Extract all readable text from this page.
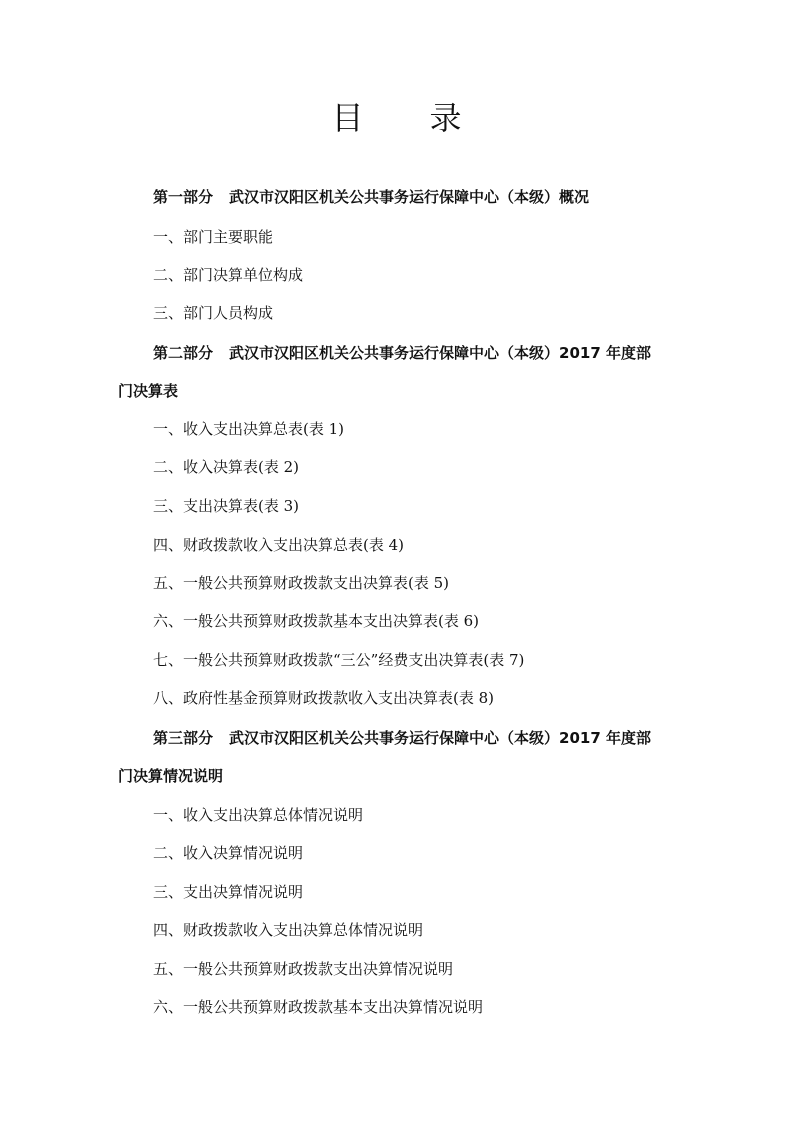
目录
第一部分 武汉市汉阳区机关公共事务运行保障中心（本级）概况
一、部门主要职能
二、部门决算单位构成
三、部门人员构成
第二部分 武汉市汉阳区机关公共事务运行保障中心（本级）2017 年度部
门决算表
一、收入支出决算总表(表 1)
二、收入决算表(表 2)
三、支出决算表(表 3)
四、财政拨款收入支出决算总表(表 4)
五、一般公共预算财政拨款支出决算表(表 5)
六、一般公共预算财政拨款基本支出决算表(表 6)
七、一般公共预算财政拨款“三公”经费支出决算表(表 7)
八、政府性基金预算财政拨款收入支出决算表(表 8)
第三部分 武汉市汉阳区机关公共事务运行保障中心（本级）2017 年度部
门决算情况说明
一、收入支出决算总体情况说明
二、收入决算情况说明
三、支出决算情况说明
四、财政拨款收入支出决算总体情况说明
五、一般公共预算财政拨款支出决算情况说明
六、一般公共预算财政拨款基本支出决算情况说明
